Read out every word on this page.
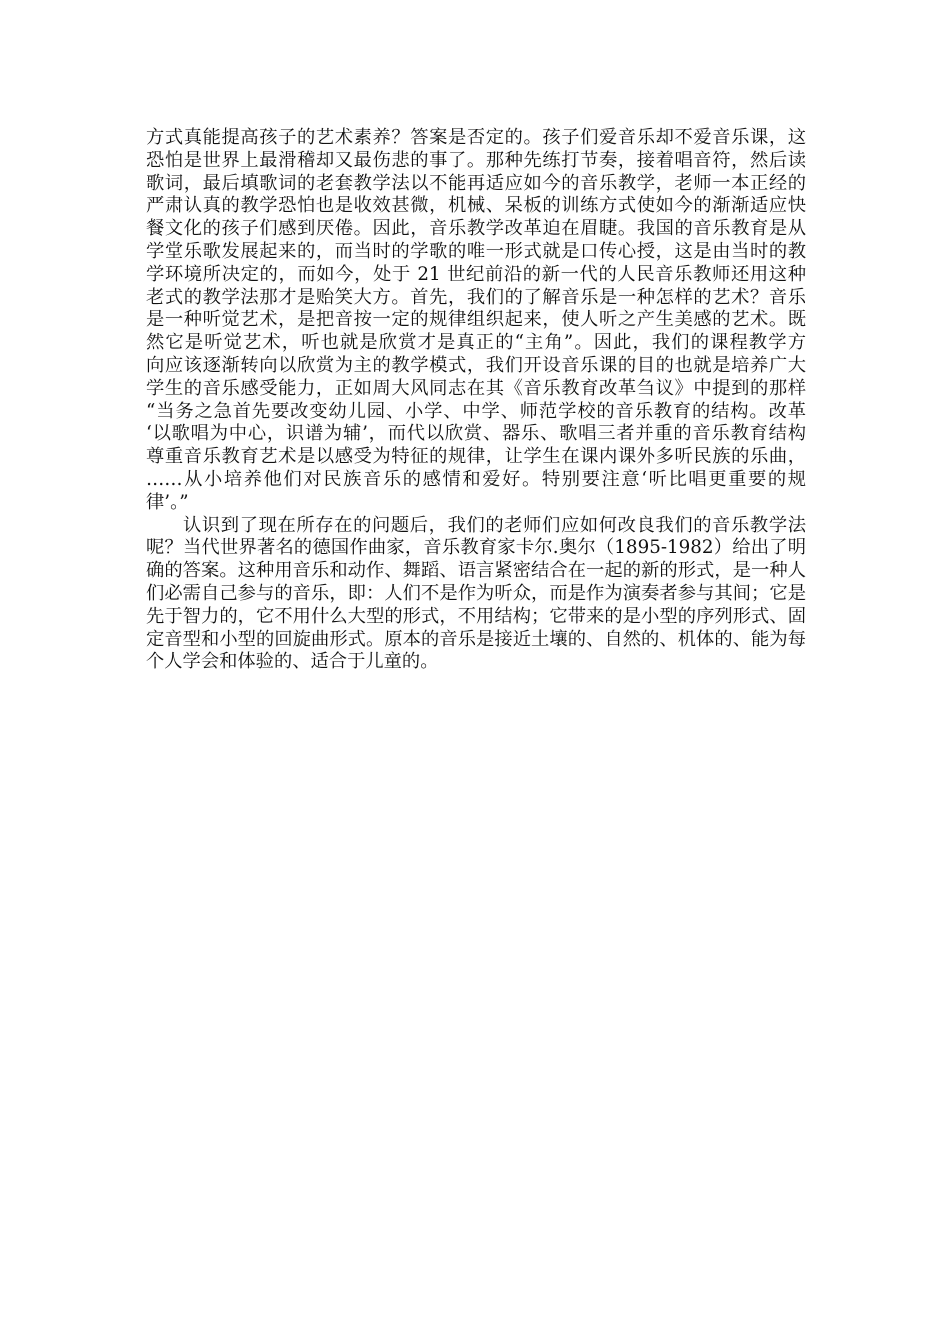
方式真能提高孩子的艺术素养？答案是否定的。孩子们爱音乐却不爱音乐课，这
恐怕是世界上最滑稽却又最伤悲的事了。那种先练打节奏，接着唱音符，然后读
歌词，最后填歌词的老套教学法以不能再适应如今的音乐教学，老师一本正经的
严肃认真的教学恐怕也是收效甚微，机械、呆板的训练方式使如今的渐渐适应快
餐文化的孩子们感到厌倦。因此，音乐教学改革迫在眉睫。我国的音乐教育是从
学堂乐歌发展起来的，而当时的学歌的唯一形式就是口传心授，这是由当时的教
学环境所决定的，而如今，处于 21 世纪前沿的新一代的人民音乐教师还用这种
老式的教学法那才是贻笑大方。首先，我们的了解音乐是一种怎样的艺术？音乐
是一种听觉艺术，是把音按一定的规律组织起来，使人听之产生美感的艺术。既
然它是听觉艺术，听也就是欣赏才是真正的“主角”。因此，我们的课程教学方
向应该逐渐转向以欣赏为主的教学模式，我们开设音乐课的目的也就是培养广大
学生的音乐感受能力，正如周大风同志在其《音乐教育改革刍议》中提到的那样
“当务之急首先要改变幼儿园、小学、中学、师范学校的音乐教育的结构。改革
‘以歌唱为中心，识谱为辅’，而代以欣赏、器乐、歌唱三者并重的音乐教育结构
尊重音乐教育艺术是以感受为特征的规律，让学生在课内课外多听民族的乐曲，
……从小培养他们对民族音乐的感情和爱好。特别要注意‘听比唱更重要的规
律’。”
认识到了现在所存在的问题后，我们的老师们应如何改良我们的音乐教学法
呢？当代世界著名的德国作曲家，音乐教育家卡尔.奥尔（1895-1982）给出了明
确的答案。这种用音乐和动作、舞蹈、语言紧密结合在一起的新的形式，是一种人
们必需自己参与的音乐，即：人们不是作为听众，而是作为演奏者参与其间；它是
先于智力的，它不用什么大型的形式，不用结构；它带来的是小型的序列形式、固
定音型和小型的回旋曲形式。原本的音乐是接近土壤的、自然的、机体的、能为每
个人学会和体验的、适合于儿童的。
